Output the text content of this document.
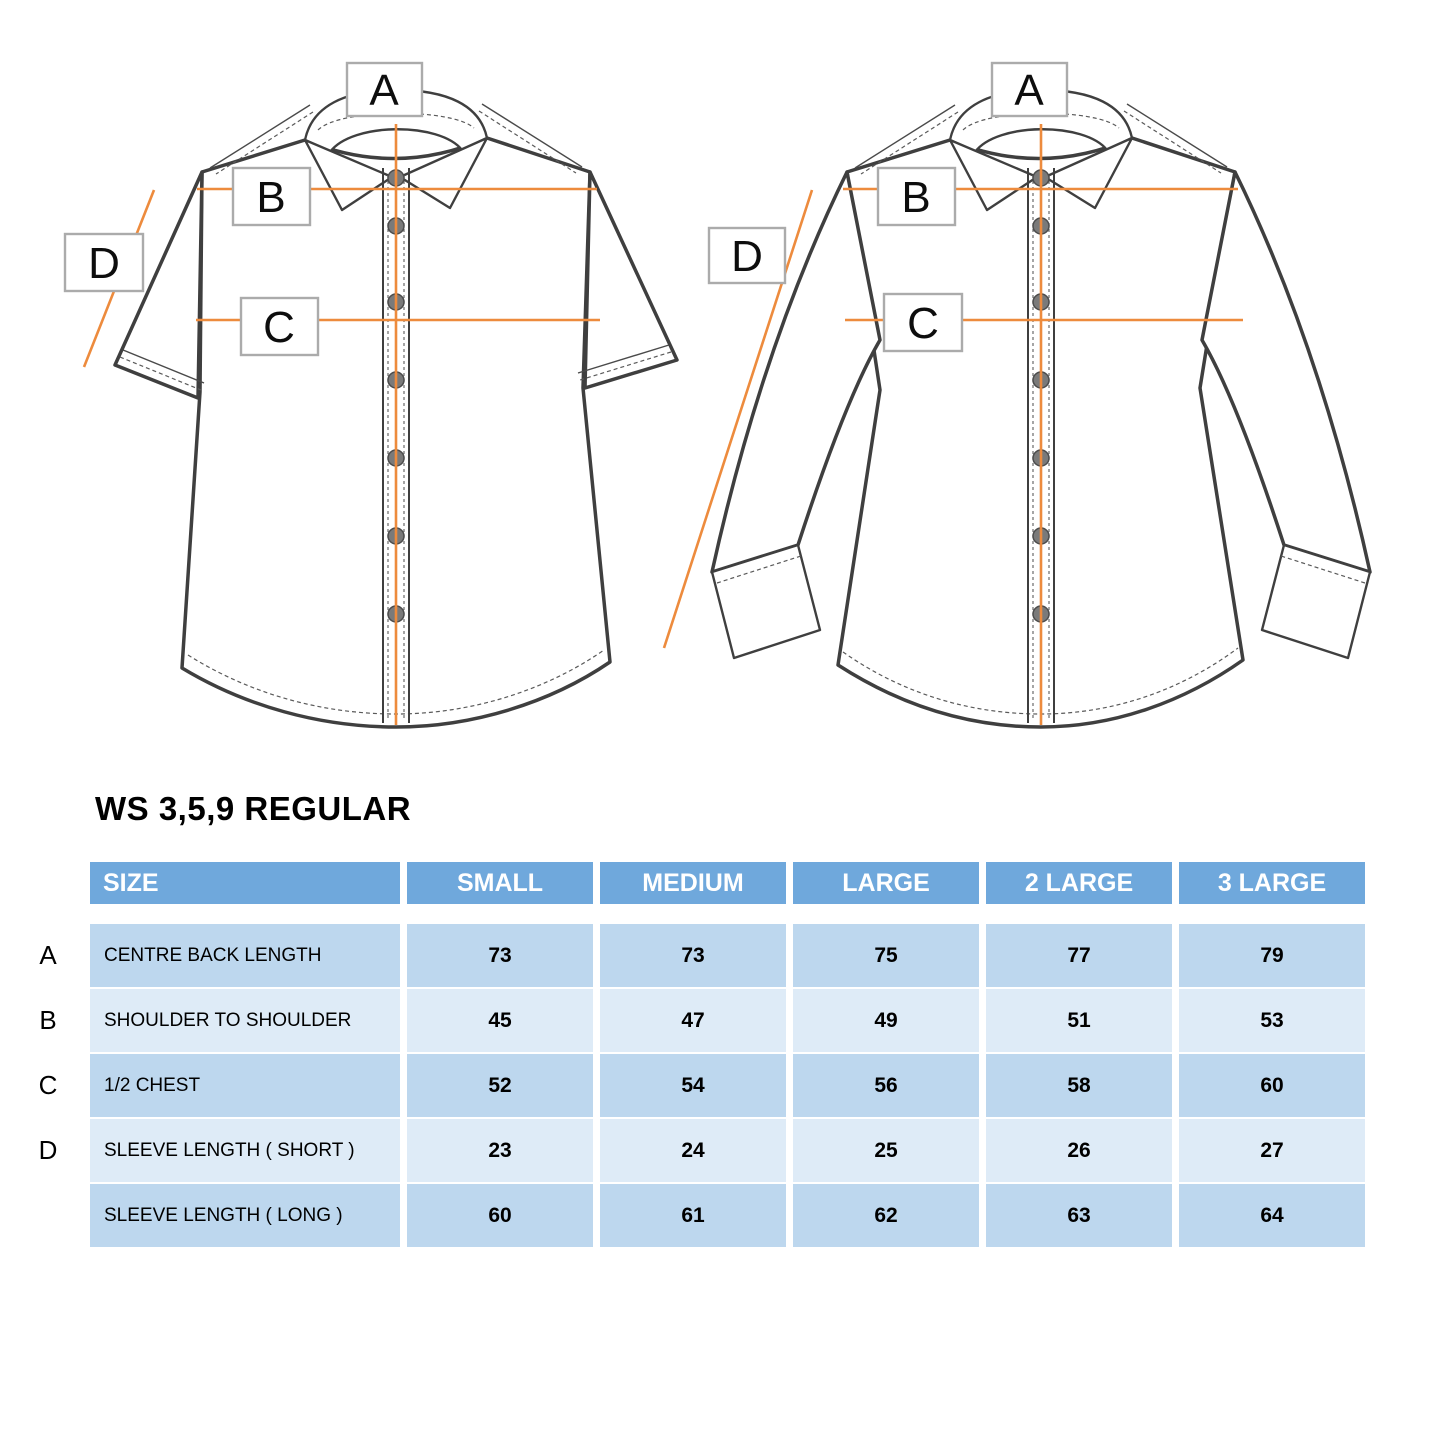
A
B
C
D
A
B
C
D
WS 3,5,9 REGULAR
SIZE	SMALL	MEDIUM	LARGE	2 LARGE	3 LARGE
A	CENTRE BACK LENGTH	73	73	75	77	79
B	SHOULDER TO SHOULDER	45	47	49	51	53
C	1/2 CHEST	52	54	56	58	60
D	SLEEVE LENGTH ( SHORT )	23	24	25	26	27
SLEEVE LENGTH ( LONG )	60	61	62	63	64
